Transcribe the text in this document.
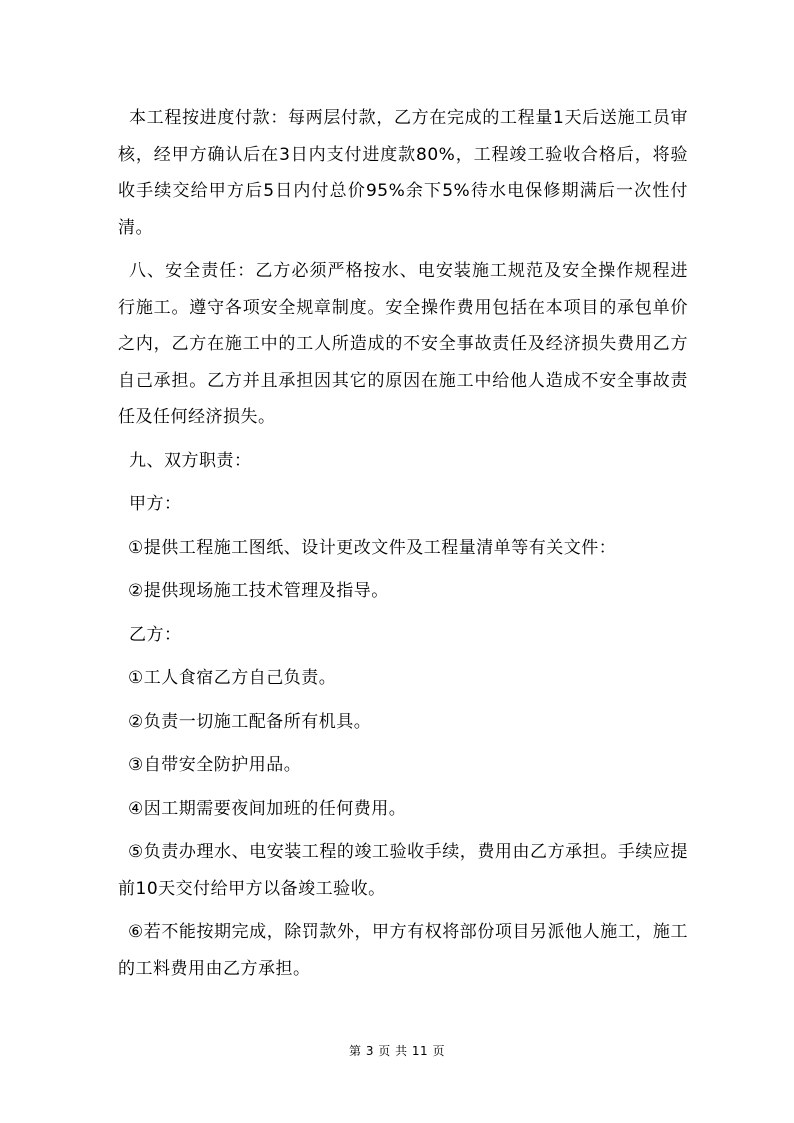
本工程按进度付款：每两层付款，乙方在完成的工程量1天后送施工员审核，经甲方确认后在3日内支付进度款80%，工程竣工验收合格后，将验收手续交给甲方后5日内付总价95%余下5%待水电保修期满后一次性付清。

八、安全责任：乙方必须严格按水、电安装施工规范及安全操作规程进行施工。遵守各项安全规章制度。安全操作费用包括在本项目的承包单价之内，乙方在施工中的工人所造成的不安全事故责任及经济损失费用乙方自己承担。乙方并且承担因其它的原因在施工中给他人造成不安全事故责任及任何经济损失。

九、双方职责：

甲方：

①提供工程施工图纸、设计更改文件及工程量清单等有关文件：

②提供现场施工技术管理及指导。

乙方：

①工人食宿乙方自己负责。

②负责一切施工配备所有机具。

③自带安全防护用品。

④因工期需要夜间加班的任何费用。

⑤负责办理水、电安装工程的竣工验收手续，费用由乙方承担。手续应提前10天交付给甲方以备竣工验收。

⑥若不能按期完成，除罚款外，甲方有权将部份项目另派他人施工，施工的工料费用由乙方承担。

第 3 页 共 11 页
